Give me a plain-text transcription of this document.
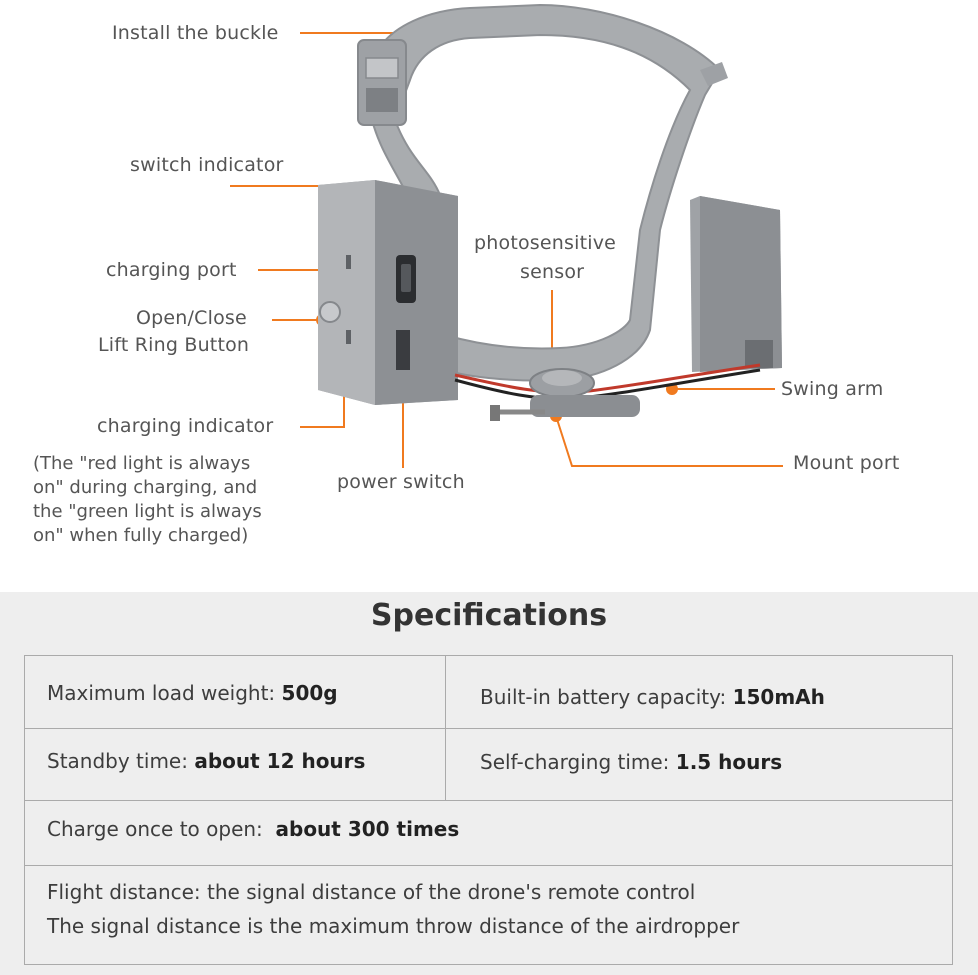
Install the buckle
switch indicator
charging port
Open/Close
Lift Ring Button
charging indicator
(The "red light is always
on" during charging, and
the "green light is always
on" when fully charged)
power switch
photosensitive
sensor
Swing arm
Mount port
Specifications
Maximum load weight: 500g	Built-in battery capacity: 150mAh
Standby time: about 12 hours	Self-charging time: 1.5 hours
Charge once to open:  about 300 times
Flight distance: the signal distance of the drone's remote control
The signal distance is the maximum throw distance of the airdropper
